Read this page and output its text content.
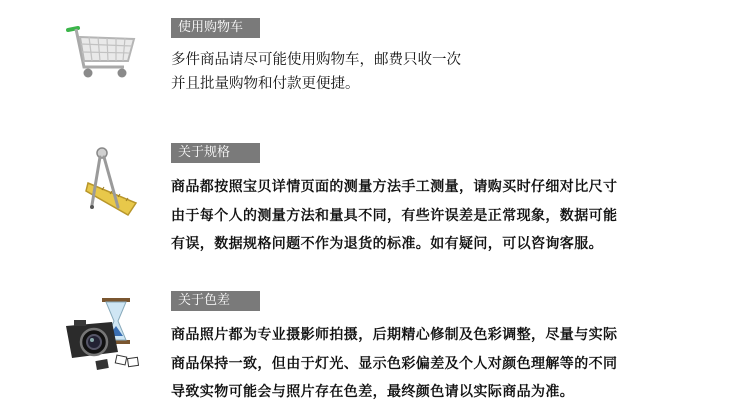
使用购物车

多件商品请尽可能使用购物车，邮费只收一次

并且批量购物和付款更便捷。

关于规格

商品都按照宝贝详情页面的测量方法手工测量，请购买时仔细对比尺寸

由于每个人的测量方法和量具不同，有些许误差是正常现象，数据可能

有误，数据规格问题不作为退货的标准。如有疑问，可以咨询客服。

关于色差

商品照片都为专业摄影师拍摄，后期精心修制及色彩调整，尽量与实际

商品保持一致，但由于灯光、显示色彩偏差及个人对颜色理解等的不同

导致实物可能会与照片存在色差，最终颜色请以实际商品为准。
